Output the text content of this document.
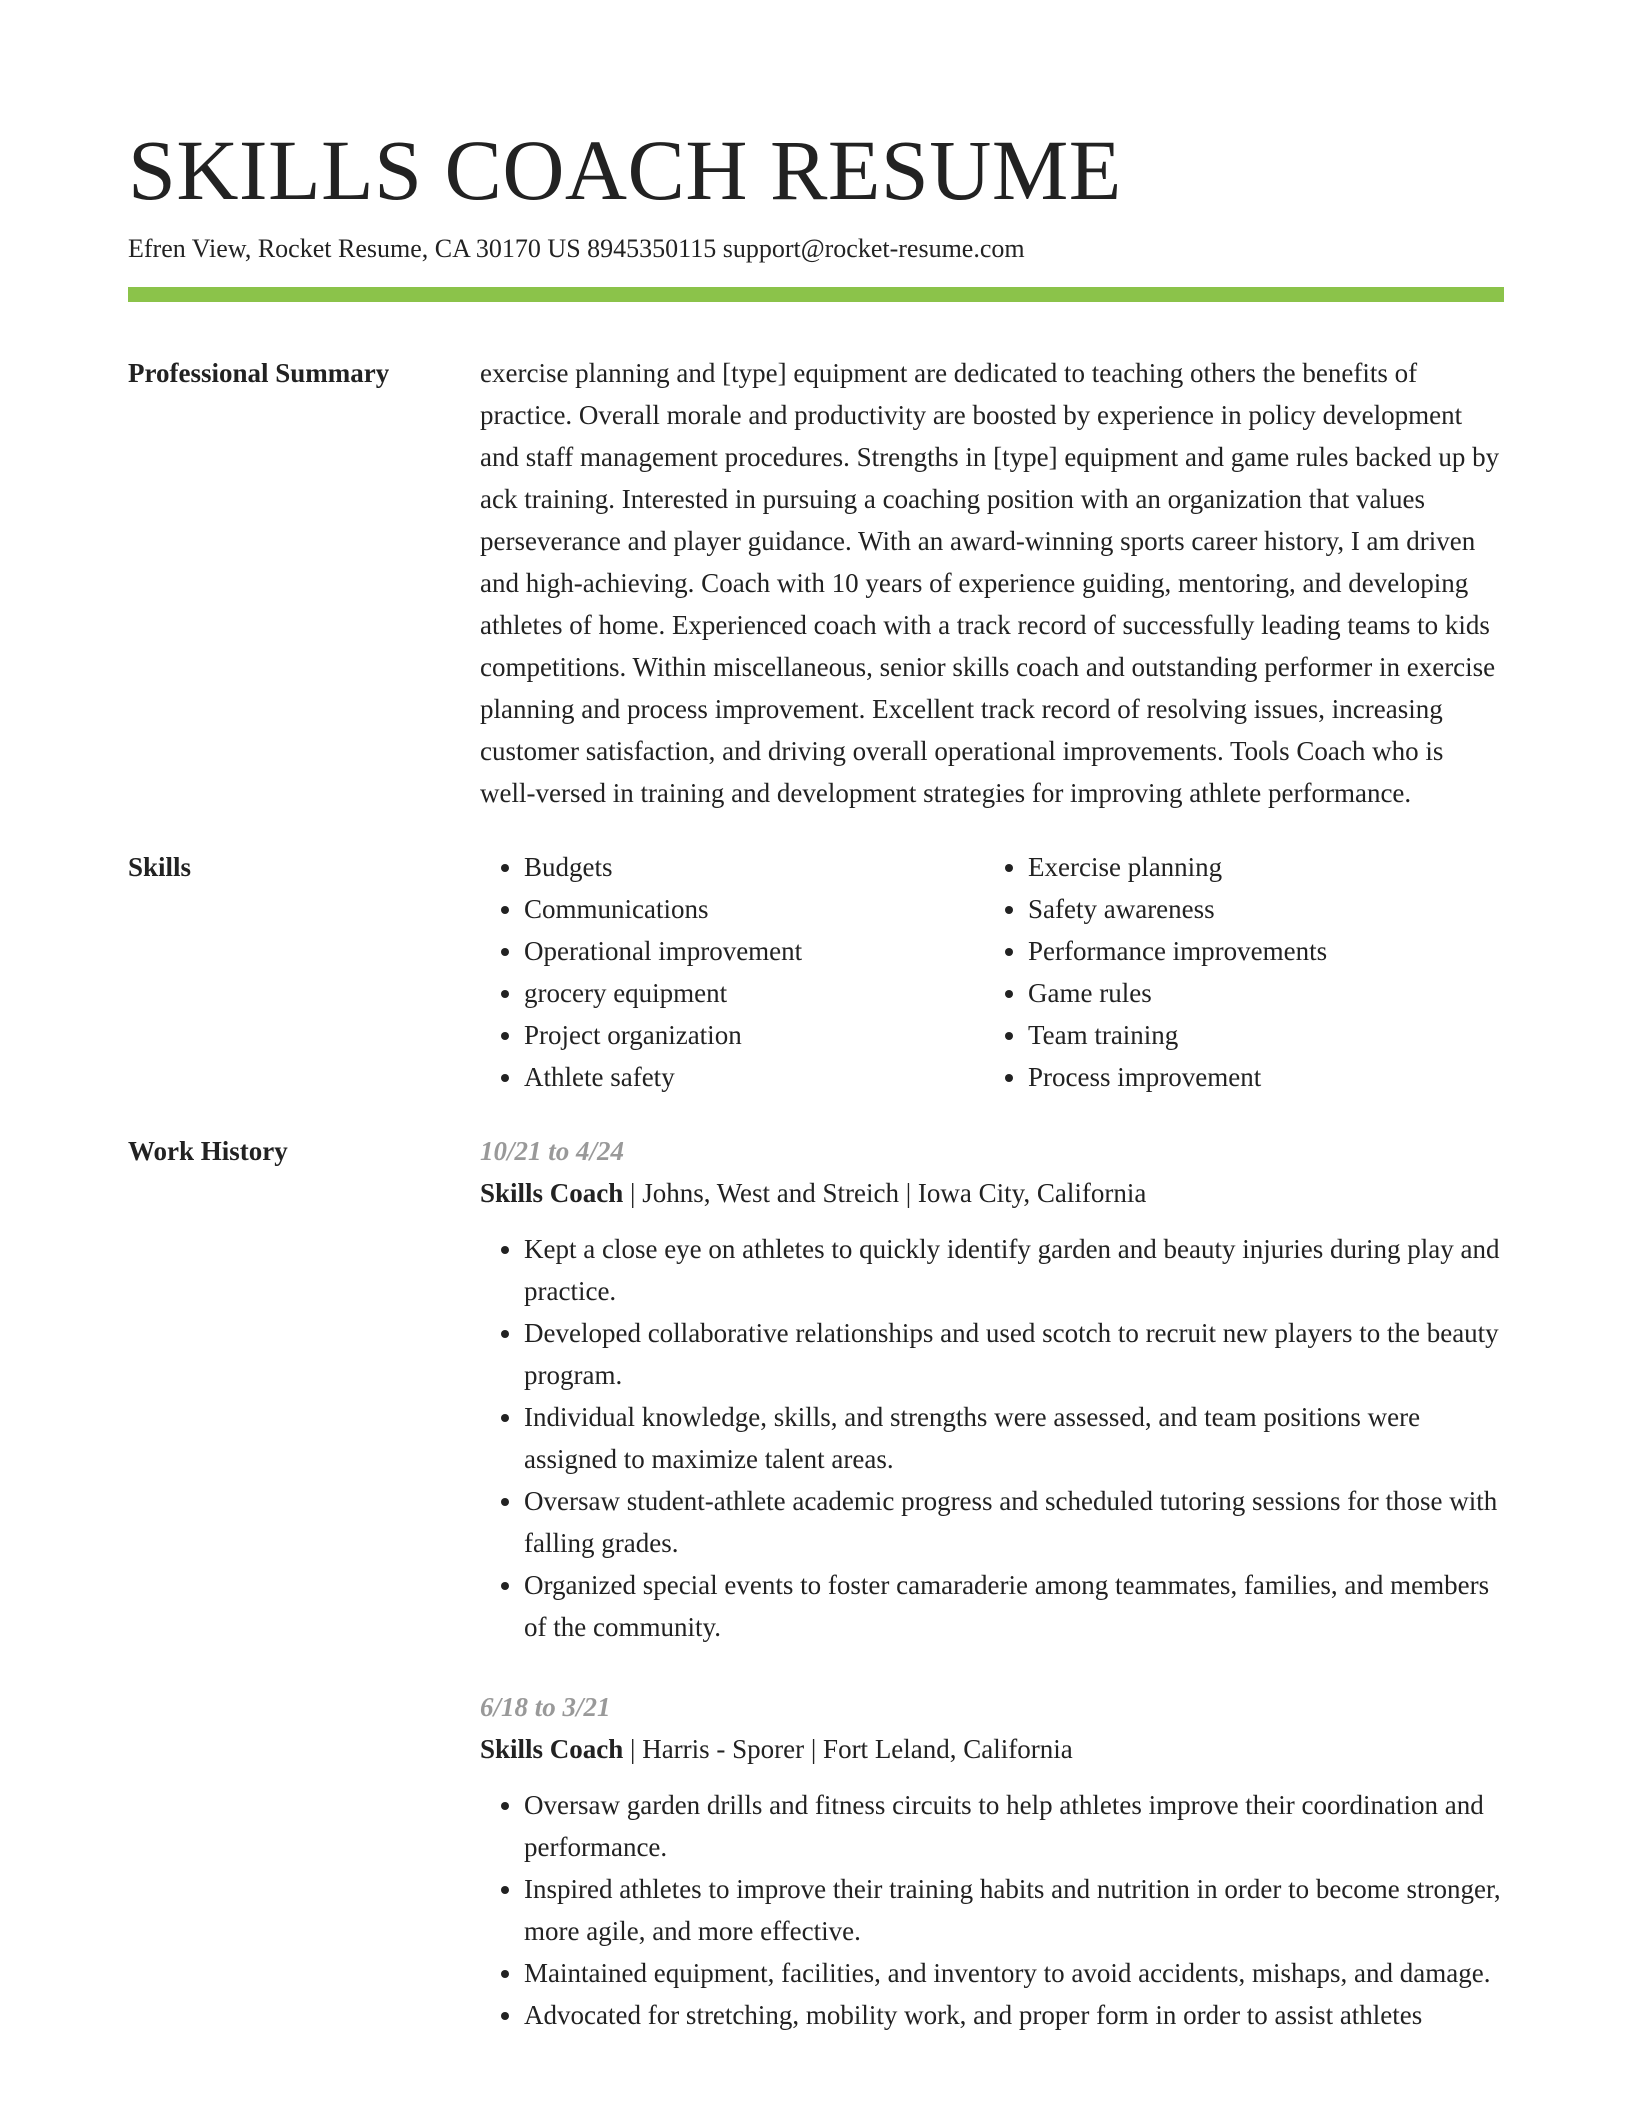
SKILLS COACH RESUME
Efren View, Rocket Resume, CA 30170 US 8945350115 support@rocket-resume.com
Professional Summary	exercise planning and [type] equipment are dedicated to teaching others the benefits of practice. Overall morale and productivity are boosted by experience in policy development and staff management procedures. Strengths in [type] equipment and game rules backed up by ack training. Interested in pursuing a coaching position with an organization that values perseverance and player guidance. With an award-winning sports career history, I am driven and high-achieving. Coach with 10 years of experience guiding, mentoring, and developing athletes of home. Experienced coach with a track record of successfully leading teams to kids competitions. Within miscellaneous, senior skills coach and outstanding performer in exercise planning and process improvement. Excellent track record of resolving issues, increasing customer satisfaction, and driving overall operational improvements. Tools Coach who is well-versed in training and development strategies for improving athlete performance.
Skills
•	Budgets
• Communications
• Operational improvement
• grocery equipment
• Project organization
• Athlete safety
• Exercise planning
• Safety awareness
• Performance improvements
• Game rules
• Team training
• Process improvement
Work History	10/21 to 4/24
Skills Coach | Johns, West and Streich | Iowa City, California
• Kept a close eye on athletes to quickly identify garden and beauty injuries during play and practice.
• Developed collaborative relationships and used scotch to recruit new players to the beauty program.
• Individual knowledge, skills, and strengths were assessed, and team positions were assigned to maximize talent areas.
• Oversaw student-athlete academic progress and scheduled tutoring sessions for those with falling grades.
• Organized special events to foster camaraderie among teammates, families, and members of the community.
6/18 to 3/21
Skills Coach | Harris - Sporer | Fort Leland, California
• Oversaw garden drills and fitness circuits to help athletes improve their coordination and performance.
• Inspired athletes to improve their training habits and nutrition in order to become stronger, more agile, and more effective.
• Maintained equipment, facilities, and inventory to avoid accidents, mishaps, and damage.
• Advocated for stretching, mobility work, and proper form in order to assist athletes
